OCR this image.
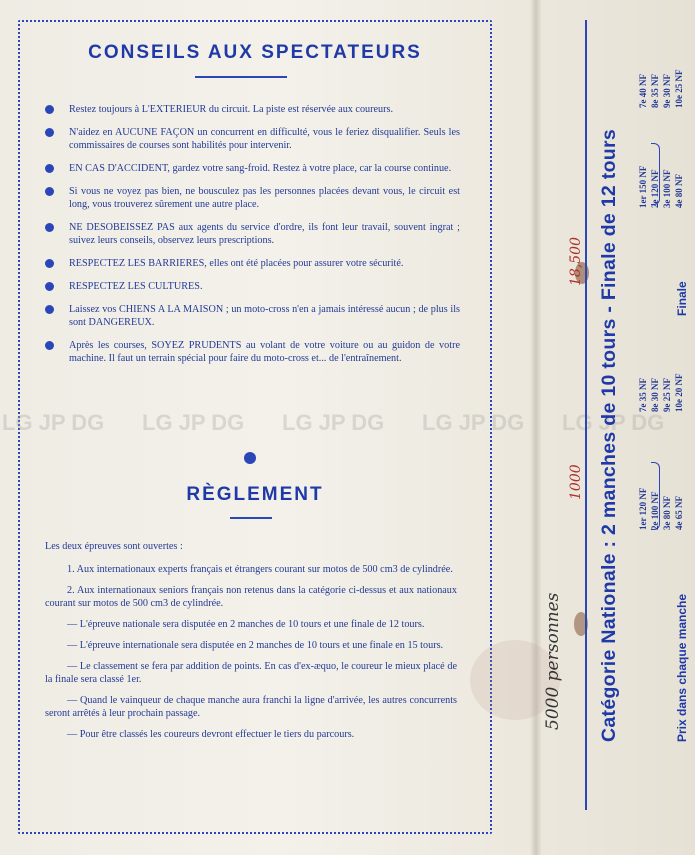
CONSEILS AUX SPECTATEURS
Restez toujours à L'EXTERIEUR du circuit. La piste est réservée aux coureurs.
N'aidez en AUCUNE FAÇON un concurrent en difficulté, vous le feriez disqualifier. Seuls les commissaires de courses sont habilités pour intervenir.
EN CAS D'ACCIDENT, gardez votre sang-froid. Restez à votre place, car la course continue.
Si vous ne voyez pas bien, ne bousculez pas les personnes placées devant vous, le circuit est long, vous trouverez sûrement une autre place.
NE DESOBEISSEZ PAS aux agents du service d'ordre, ils font leur travail, souvent ingrat ; suivez leurs conseils, observez leurs prescriptions.
RESPECTEZ LES BARRIERES, elles ont été placées pour assurer votre sécurité.
RESPECTEZ LES CULTURES.
Laissez vos CHIENS A LA MAISON ; un moto-cross n'en a jamais intéressé aucun ; de plus ils sont DANGEREUX.
Après les courses, SOYEZ PRUDENTS au volant de votre voiture ou au guidon de votre machine. Il faut un terrain spécial pour faire du moto-cross et... de l'entraînement.
RÈGLEMENT

Les deux épreuves sont ouvertes :

1. Aux internationaux experts français et étrangers courant sur motos de 500 cm3 de cylindrée.

2. Aux internationaux seniors français non retenus dans la catégorie ci-dessus et aux nationaux courant sur motos de 500 cm3 de cylindrée.

— L'épreuve nationale sera disputée en 2 manches de 10 tours et une finale de 12 tours.

— L'épreuve internationale sera disputée en 2 manches de 10 tours et une finale en 15 tours.

— Le classement se fera par addition de points. En cas d'ex-æquo, le coureur le mieux placé de la finale sera classé 1er.

— Quand le vainqueur de chaque manche aura franchi la ligne d'arrivée, les autres concurrents seront arrêtés à leur prochain passage.

— Pour être classés les coureurs devront effectuer le tiers du parcours.

LG JP DG LG JP DG LG JP DG LG JP DG LG JP DG
5000 personnes
1000
18,500 Catégorie Nationale : 2 manches de 10 tours - Finale de 12 tours	Prix dans chaque manche
Finale
1er 120 NF 2e 100 NF 3e 80 NF 4e 65 NF
7e 35 NF 8e 30 NF 9e 25 NF 10e 20 NF
1er 150 NF 2e 120 NF 3e 100 NF 4e 80 NF
7e 40 NF 8e 35 NF 9e 30 NF 10e 25 NF
